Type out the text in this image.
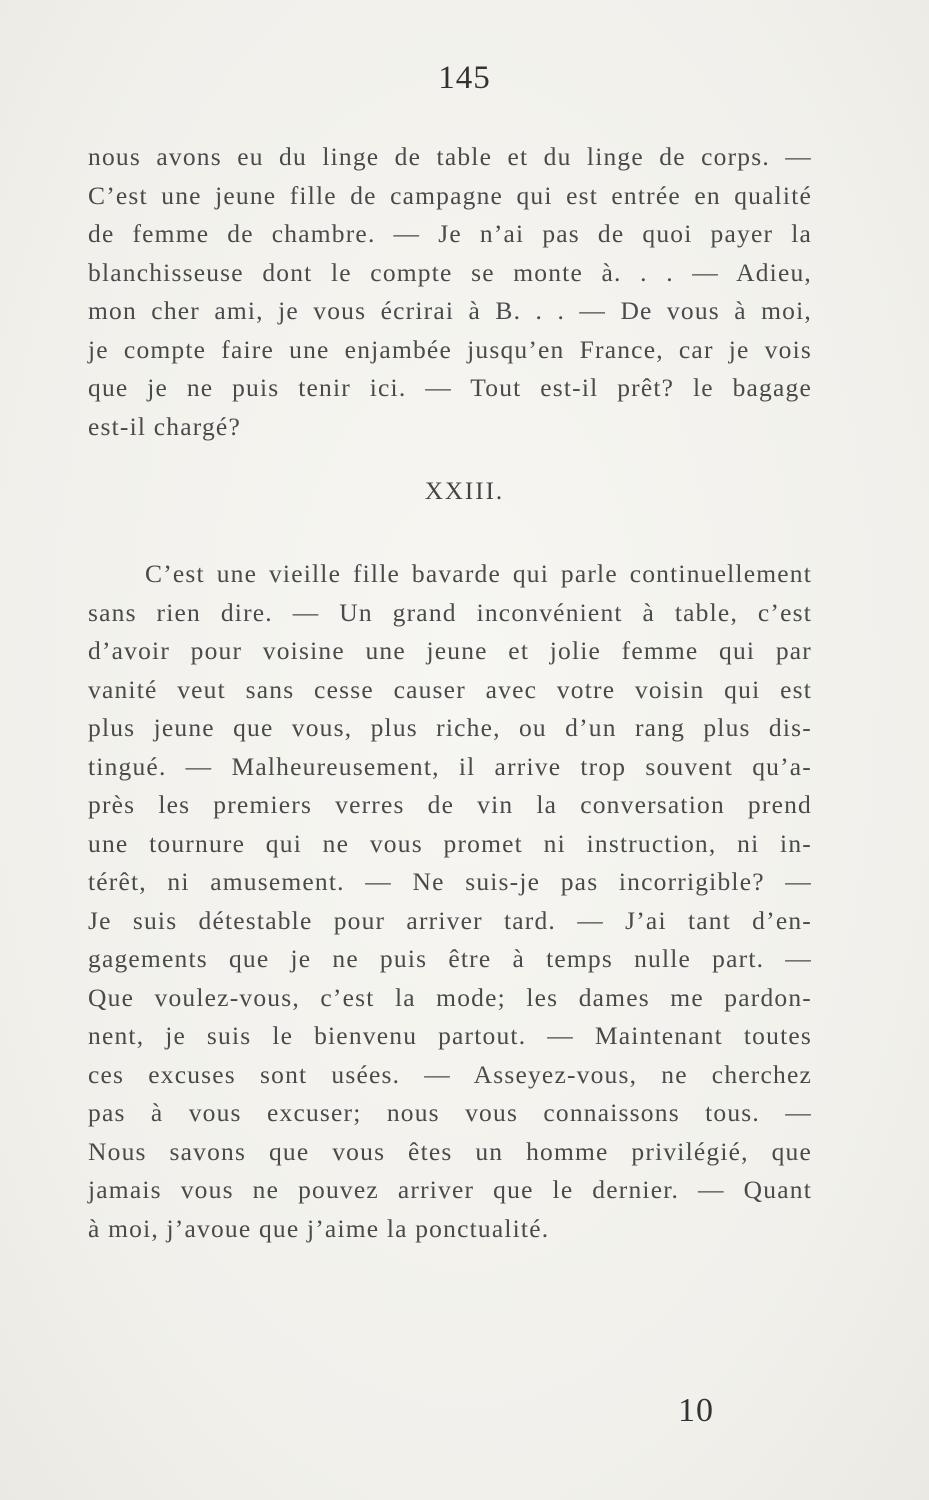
145
nous avons eu du linge de table et du linge de corps. —
C’est une jeune fille de campagne qui est entrée en qualité
de femme de chambre. — Je n’ai pas de quoi payer la
blanchisseuse dont le compte se monte à. . . — Adieu,
mon cher ami, je vous écrirai à B. . . — De vous à moi,
je compte faire une enjambée jusqu’en France, car je vois
que je ne puis tenir ici. — Tout est-il prêt? le bagage
est-il chargé?
XXIII.
C’est une vieille fille bavarde qui parle continuellement
sans rien dire. — Un grand inconvénient à table, c’est
d’avoir pour voisine une jeune et jolie femme qui par
vanité veut sans cesse causer avec votre voisin qui est
plus jeune que vous, plus riche, ou d’un rang plus dis-
tingué. — Malheureusement, il arrive trop souvent qu’a-
près les premiers verres de vin la conversation prend
une tournure qui ne vous promet ni instruction, ni in-
térêt, ni amusement. — Ne suis-je pas incorrigible? —
Je suis détestable pour arriver tard. — J’ai tant d’en-
gagements que je ne puis être à temps nulle part. —
Que voulez-vous, c’est la mode; les dames me pardon-
nent, je suis le bienvenu partout. — Maintenant toutes
ces excuses sont usées. — Asseyez-vous, ne cherchez
pas à vous excuser; nous vous connaissons tous. —
Nous savons que vous êtes un homme privilégié, que
jamais vous ne pouvez arriver que le dernier. — Quant
à moi, j’avoue que j’aime la ponctualité.
10
